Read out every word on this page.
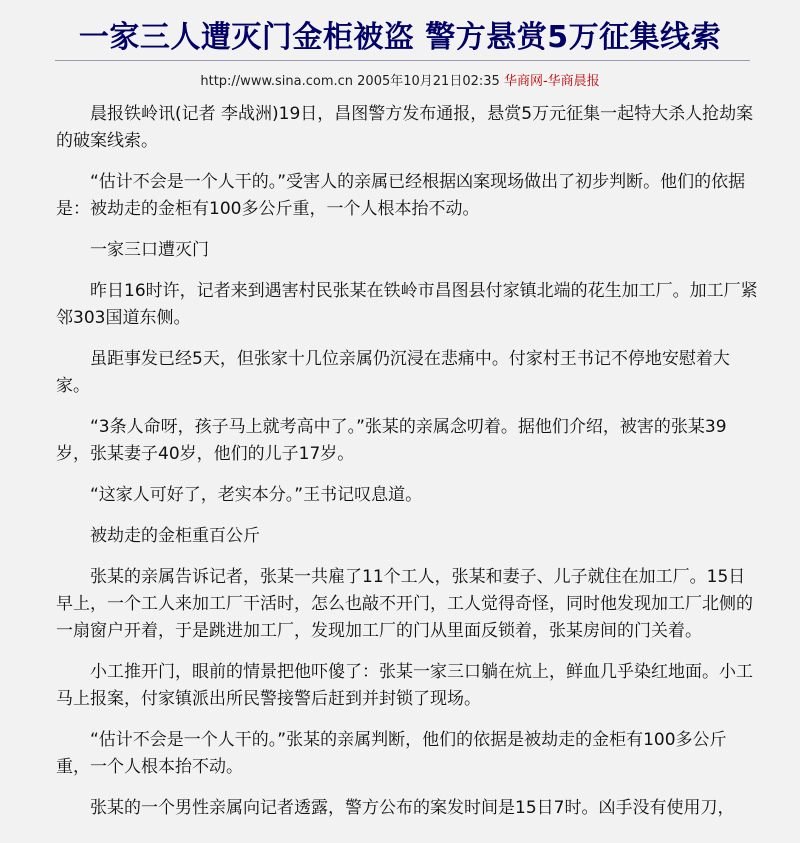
一家三人遭灭门金柜被盗 警方悬赏5万征集线索
http://www.sina.com.cn 2005年10月21日02:35 华商网-华商晨报

晨报铁岭讯(记者 李战洲)19日，昌图警方发布通报，悬赏5万元征集一起特大杀人抢劫案的破案线索。

“估计不会是一个人干的。”受害人的亲属已经根据凶案现场做出了初步判断。他们的依据是：被劫走的金柜有100多公斤重，一个人根本抬不动。

一家三口遭灭门

昨日16时许，记者来到遇害村民张某在铁岭市昌图县付家镇北端的花生加工厂。加工厂紧邻303国道东侧。

虽距事发已经5天，但张家十几位亲属仍沉浸在悲痛中。付家村王书记不停地安慰着大家。

“3条人命呀，孩子马上就考高中了。”张某的亲属念叨着。据他们介绍，被害的张某39岁，张某妻子40岁，他们的儿子17岁。

“这家人可好了，老实本分。”王书记叹息道。

被劫走的金柜重百公斤

张某的亲属告诉记者，张某一共雇了11个工人，张某和妻子、儿子就住在加工厂。15日早上，一个工人来加工厂干活时，怎么也敲不开门，工人觉得奇怪，同时他发现加工厂北侧的一扇窗户开着，于是跳进加工厂，发现加工厂的门从里面反锁着，张某房间的门关着。

小工推开门，眼前的情景把他吓傻了：张某一家三口躺在炕上，鲜血几乎染红地面。小工马上报案，付家镇派出所民警接警后赶到并封锁了现场。

“估计不会是一个人干的。”张某的亲属判断，他们的依据是被劫走的金柜有100多公斤重，一个人根本抬不动。

张某的一个男性亲属向记者透露，警方公布的案发时间是15日7时。凶手没有使用刀，
